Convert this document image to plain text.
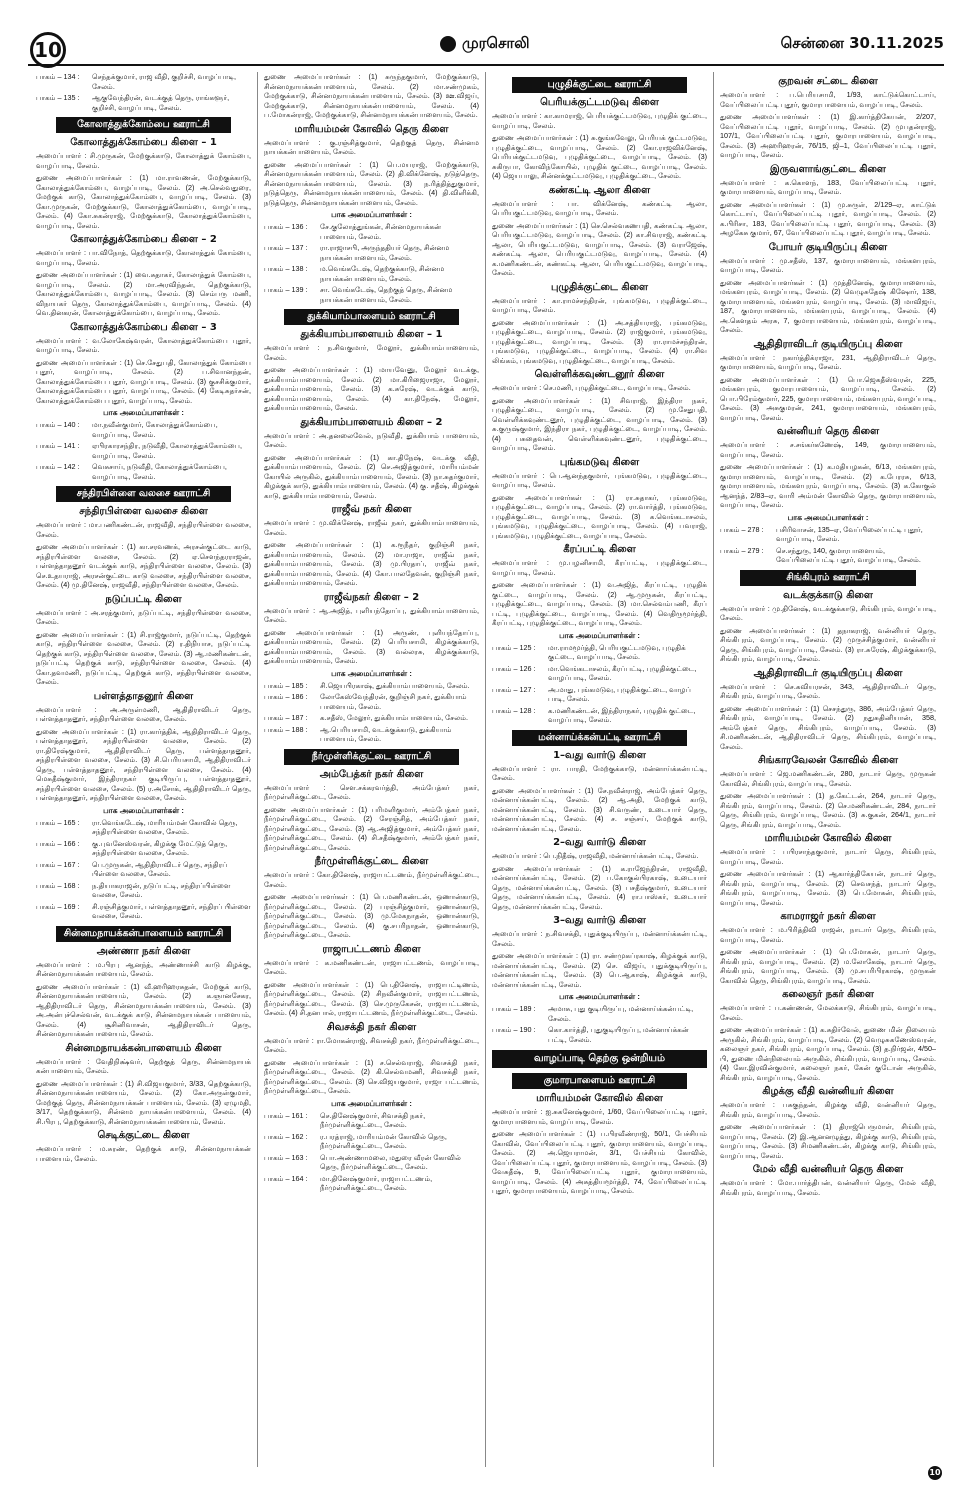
10	முரசொலி	சென்னை 30.11.2025
பாகம் – 134 :	செந்தக்குமார், ராஜ வீதி, குறிச்சி, வாழப்பாடி, சேலம்.
பாகம் – 135 :	ஆகுவேந்திரன், வடக்குத் தெரு, ராங்களூர், குறிச்சி, வாழப்பாடி, சேலம்.
கோலாத்துக்கோம்பை ஊராட்சி
கோலாத்துக்கோம்பை கிளை – 1

அமைப்பாளர் : சி.முருகன், மேற்குக்காடு, கோலாத்துக் கோம்பை, வாழப்பாடி, சேலம்.

துணை அமைப்பாளர்கள் : (1) மா.ராவணன், மேற்குக்காடு, கோலாத்துக்கோம்பை, வாழப்பாடி, சேலம். (2) அ.செல்வதுரை, மேற்குக் காடு, கோலாத்துக்கோம்பை, வாழப்பாடி, சேலம். (3) கோ.முருகன், மேற்குக்காடு, கோலாத்துக்கோம்பை, வாழப்பாடி, சேலம். (4) கோ.சுகன்ராஜ், மேற்குக்காடு, கோலாத்துக்கோம்பை, வாழப்பாடி, சேலம்.

கோலாத்துக்கோம்பை கிளை – 2

அமைப்பாளர் : பா.விநோத், தெற்குக்காடு, கோலாத்துக் கோம்பை, வாழப்பாடி, சேலம்.

துணை அமைப்பாளர்கள் : (1) வை.சுதாகர், கோலாத்துக் கோம்பை, வாழப்பாடி, சேலம். (2) மா.அரவிந்தன், தெற்குக்காடு, கோலாத்துக்கோம்பை, வாழப்பாடி, சேலம். (3) செம்பரு மணி, விநாயகர் தெரு, கோலாத்துக்கோம்பை, வாழப்பாடி, சேலம். (4) வெ.தினகரன், கோலாத்துக்கோம்பை, வாழப்பாடி, சேலம்.

கோலாத்துக்கோம்பை கிளை – 3

அமைப்பாளர் : வ.லோகேஷ்வரன், கோலாத்துக்கோம்பை புதூர், வாழப்பாடி, சேலம்.

துணை அமைப்பாளர்கள் : (1) செ.சேதுபதி, கோலாத்துக் கோம்பை புதூர், வாழப்பாடி, சேலம். (2) ப.சிவானந்தன், கோலாத்துக்கோம்பை புதூர், வாழப்பாடி, சேலம். (3) குசசிக்குமார், கோலாத்துக்கோம்பை புதூர், வாழப்பாடி, சேலம். (4) கேடிசுதர்சன், கோலாத்துக்கோம்பை புதூர், வாழப்பாடி, சேலம்.

பாக அமைப்பாளர்கள் :
பாகம் – 140 :	மா.நவீன்குமார், கோலாத்துக்கோம்பை, வாழப்பாடி, சேலம்.
பாகம் – 141 :	ஏபிரகாரசந்திர, நடுவீதி, கோலாத்துக்கோம்பை, வாழப்பாடி, சேலம்.
பாகம் – 142 :	வெசுசாய், நடுவீதி, கோலாத்துக்கோம்பை, வாழப்பாடி, சேலம்.
சந்திரபிள்ளை வலசை ஊராட்சி
சந்திரபிள்ளை வலசை கிளை

அமைப்பாளர் : மா.பணிகண்டன், ராஜவீதி, சந்திரபிள்ளை வலசை, சேலம்.

துணை அமைப்பாளர்கள் : (1) கா.சரவணக், அரசன்குட்டை காடு, சந்திரபிள்ளை வலசை, சேலம். (2) ஏ.சௌந்தரராஜன், பள்ளத்தாதனூர் வடக்குக் காடு, சந்திரபிள்ளை வலசை, சேலம். (3) செ.உதயராஜ், அரசன்குட்டை காடு வலசை, சந்திரபிள்ளை வலசை, சேலம். (4) மு.தினேஷ், ராஜவீதி, சந்திரபிள்ளை வலசை, சேலம்.

நடுப்பட்டி கிளை

அமைப்பாளர் : அ.சரத்குமார், நடுப்பட்டி, சந்திரபிள்ளை வலசை, சேலம்.

துணை அமைப்பாளர்கள் : (1) சி.ராஜ்குமார், நடுப்பட்டி, தெற்குக் காடு, சந்திரபிள்ளை வலசை, சேலம். (2) ர.திநியாச, நடுப்பட்டி தெற்குக் காடு, சந்திரபிள்ளை வலசை, சேலம். (3) ஆ.மணிகண்டன், நடுப்பட்டி தெற்குக் காடு, சந்திரபிள்ளை வலசை, சேலம். (4) கோ.தவமணி, நடுப்பட்டி, தெற்குக் காடு, சந்திரபிள்ளை வலசை, சேலம்.

பள்ளத்தாதனூர் கிளை

அமைப்பாளர் : அ.அருள்மணி, ஆதிதிராவிடர் தெரு, பள்ளத்தாதனூர், சந்திரபிள்ளை வலசை, சேலம்.

துணை அமைப்பாளர்கள் : (1) ரா.கார்த்திக், ஆதிதிராவிடர் தெரு, பள்ளத்தாதனூர், சந்திரபிள்ளை வலசை, சேலம். (2) ரா.திரேஷ்குமார், ஆதிதிராவிடர் தெரு, பள்ளத்தாதனூர், சந்திரபிள்ளை வலசை, சேலம். (3) சி.பெரியசாமி, ஆதிதிராவிடர் தெரு, பள்ளத்தாதனூர், சந்திரபிள்ளை வலசை, சேலம். (4) மெசுதீஷ்குமார், இந்திராநகர் குடியிருப்பு, பள்ளத்தாதனூர், சந்திரபிள்ளை வலசை, சேலம். (5) ர.அசோக், ஆதிதிராவிடர் தெரு, பள்ளத்தாதனூர், சந்திரபிள்ளை வலசை, சேலம்.

பாக அமைப்பாளர்கள் :
பாகம் – 165 :	ரா.வெங்கடேஷ், மாரியம்மன் கோவில் தெரு, சந்திரபிள்ளை வலசை, சேலம்.
பாகம் – 166 :	கு.புவனேஸ்வரன், கிழக்கு மேட்டுத் தெரு, சந்திரபிள்ளை வலசை, சேலம்.
பாகம் – 167 :	பெ.முருகன், ஆதிதிராவிடர் தெரு, சந்திரப் பிள்ளை வலசை, சேலம்.
பாகம் – 168 :	ந.தியாகராஜன், நடுப்பட்டி, சந்திரப்பிள்ளை வலசை, சேலம்.
பாகம் – 169 :	சி.ரஞ்சித்குமார், பள்ளத்தாதனூர், சந்திரப் பிள்ளை வலசை, சேலம்.
சின்னமநாயக்கன்பாளையம் ஊராட்சி
அண்ணா நகர் கிளை

அமைப்பாளர் : ம.பிரபு ஆனந்த், அண்ணாச்சி காடு கிழக்கு, சின்னமநாயக்கன்பாளையம், சேலம்.

துணை அமைப்பாளர்கள் : (1) வீ.ஹரிஹரசுதன், மேற்குக் காடு, சின்னமநாயக்கன்பாளையம், சேலம். (2) க.ஞானசேகர, ஆதிதிராவிடர் தெரு, சின்னமநாயக்கன்பாளையம், சேலம். (3) அ.அன்புச்செல்வன், வடக்குக் காடு, சின்னமநாயக்கன் பாளையம், சேலம். (4) சூசினிவாசன், ஆதிதிராவிடர் தெரு, சின்னமநாயக்கன்பாளையம், சேலம்.

சின்னமநாயக்கன்பாளையம் கிளை

அமைப்பாளர் : வேதிநிக்ஷ்வர், தெற்குத் தெரு, சின்னமநாயக் கன்பாளையம், சேலம்.

துணை அமைப்பாளர்கள் : (1) சி.விஜயகுமார், 3/33, தெற்குக்காடு, சின்னமநாயக்கன்பாளையம், சேலம். (2) கோ.அருள்குமார், மேற்குத் தெரு, சின்னமநாயக்கன் பாளையம், சேலம். (3) ஏழுமதி, 3/17, தெற்குக்காடு, சின்னம நாயக்கன்பாளையம், சேலம். (4) சி.பிரபு, தெற்குக்காடு, சின்னமநாயக்கன்பாளையம், சேலம்.

செடிக்குட்டை கிளை

அமைப்பாளர் : ம.சுரண், தெற்குக் காடு, சின்னமநாயக்கன் பாளையம், சேலம்.

துணை அமைப்பாளர்கள் : (1) சுருந்தகுமார், மேற்குக்காடு, சின்னமநாயக்கன்பாளையம், சேலம். (2) மா.சண்முகம், மேற்குக்காடு, சின்னமநாயக்கன்பாளையம், சேலம். (3) ஊ.விஜய், மேற்குக்காடு, சின்னமநாயக்கன்பாளையம், சேலம். (4) ப.மோகன்ராஜ், மேற்குக்காடு, சின்னமநாயக்கன்பாளையம், சேலம்.

மாரியம்மன் கோவில் தெரு கிளை

அமைப்பாளர் : கு.ரஞ்சித்குமார், தெற்குத் தெரு, சின்னம நாயக்கன்பாளையம், சேலம்.

துணை அமைப்பாளர்கள் : (1) பெ.மயராஜ், மேற்குக்காடு, சின்னமநாயக்கன்பாளையம், சேலம். (2) தி.விக்னேஷ், நடுத்தெரு, சின்னமநாயக்கன்பாளையம், சேலம். (3) ந.ரித்தித்துகுமார், நடுத்தெரு, சின்னமநாயக்கன்பாளையம், சேலம். (4) தி.விளிக்கி, நடுத்தெரு, சின்னமநாயக்கன்பாளையம், சேலம்.

பாக அமைப்பாளர்கள் :
பாகம் – 136 :	சே.குலோத்துங்கன், சின்னமநாயக்கன் பாளையம், சேலம்.
பாகம் – 137 :	ரா.ராஜாசபி, அருந்ததியர் தெரு, சின்னம நாயக்கன்பாளையம், சேலம்.
பாகம் – 138 :	ம.வெங்கடேஷ், தெற்குக்காடு, சின்னம நாயக்கன்பாளையம், சேலம்.
பாகம் – 139 :	சா. வெங்கடேஷ், தெற்குத் தெரு, சின்னம நாயக்கன்பாளையம், சேலம்.
துக்கியாம்பாளையம் ஊராட்சி
துக்கியாம்பாளையம் கிளை – 1

அமைப்பாளர் : ந.சிவகுமார், மேலூர், துக்கியாம்பாளையம், சேலம்.

துணை அமைப்பாளர்கள் : (1) மாயவேனு, மேலூர் வடக்கு, துக்கியாம்பாளையம், சேலம். (2) மா.கிரிஜைராஜா, மேலூர், துக்கியாம்பாளையம், சேலம். (3) க.சுரேஷ், வடக்குக் காடு, துக்கியாம்பாளையம், சேலம். (4) கா.திநேஷ், மேலூர், துக்கியாம்பாளையம், சேலம்.

துக்கியாம்பாளையம் கிளை – 2

அமைப்பாளர் : அ.தனலைவேல், நடுவீதி, துக்கியாம் பாளையம், சேலம்.

துணை அமைப்பாளர்கள் : (1) கா.திநேஷ், வடக்கு வீதி, துக்கியாம்பாளையம், சேலம். (2) செ.அஜித்குமார், மாரியம்மன் கோயில் அருகில், துக்கியாம்பாளையம், சேலம். (3) நா.சுதர்குமார், கிழக்குக் காடு, துக்கியாம்பாளையம், சேலம். (4) கு. சதீஷ், கிழக்குக் காடு, துக்கியாம்பாளையம், சேலம்.

ராஜீவ் நகர் கிளை

அமைப்பாளர் : மு.விக்னேஷ், ராஜீவ் நகர், துக்கியாம்பாளையம், சேலம்.

துணை அமைப்பாளர்கள் : (1) க.ரூநீதர், குறிஞ்சி நகர், துக்கியாம்பாளையம், சேலம். (2) மா.ராஜா, ராஜீவ் நகர், துக்கியாம்பாளையம், சேலம். (3) மு.பிரதாப், ராஜீவ் நகர், துக்கியாம்பாளையம், சேலம். (4) கோ.பாலதேவன், குறிஞ்சி நகர், துக்கியாம்பாளையம், சேலம்.

ராஜீவ்நகர் கிளை – 2

அமைப்பாளர் : ஆ.அஜித், புளியந்தோப்பு, துக்கியாம்பாளையம், சேலம்.

துணை அமைப்பாளர்கள் : (1) அருண், புளியந்தோப்பு, துக்கியாம்பாளையம், சேலம். (2) பெரியசாமி, கிழக்குக்காடு, துக்கியாம்பாளையம், சேலம். (3) வல்லரசு, கிழக்குக்காடு, துக்கியாம்பாளையம், சேலம்.

பாக அமைப்பாளர்கள் :
பாகம் – 185 :	சி.ஜெயபிரகாஷ், துக்கியாம்பாளையம், சேலம்.
பாகம் – 186 :	லோகேஸ்வேந்திரன், குறிஞ்சி நகர், துக்கியாம் பாளையம், சேலம்.
பாகம் – 187 :	க.சதீஸ், மேலூர், துக்கியாம்பாளையம், சேலம்.
பாகம் – 188 :	ஆ.பெரியசாமி, வடக்குக்காடு, துக்கியாம் பாளையம், சேலம்.
நீர்முள்ளிக்குட்டை ஊராட்சி
அம்பேத்கர் நகர் கிளை

அமைப்பாளர் : செள.சக்கரவர்த்தி, அம்பேத்கர் நகர், நீர்முள்ளிக்குட்டை, சேலம்.

துணை அமைப்பாளர்கள் : (1) பரிமளிகுமார், அம்பேத்கர் நகர், நீர்முள்ளிக்குட்டை, சேலம். (2) சேரஞ்சித், அம்பேத்கர் நகர், நீர்முள்ளிக்குட்டை, சேலம். (3) ஆ.அஜித்குமார், அம்பேத்கர் நகர், நீர்முள்ளிக்குட்டை, சேலம். (4) சி.சதீஷ்குமார், அம்பேத்கர் நகர், நீர்முள்ளிக்குட்டை, சேலம்.

நீர்முள்ளிக்குட்டை கிளை

அமைப்பாளர் : கோ.தினேஷ், ராஜாபட்டணம், நீர்முள்ளிக்குட்டை, சேலம்.

துணை அமைப்பாளர்கள் : (1) பெ.மணிகண்டன், ஒணான்காடு, நீர்முள்ளிக்குட்டை, சேலம். (2) பரஞ்சித்குமார், ஒணான்காடு, நீர்முள்ளிக்குட்டை, சேலம். (3) மு.மேகநாதன், ஒணான்காடு, நீர்முள்ளிக்குட்டை, சேலம். (4) கு.சபரிநாதன், ஒணான்காடு, நீர்முள்ளிக்குட்டை, சேலம்.

ராஜாபட்டணம் கிளை

அமைப்பாளர் : க.மணிகண்டன், ராஜாபட்டணம், வாழப்பாடி, சேலம்.

துணை அமைப்பாளர்கள் : (1) பெ.தினேஷ், ராஜாபட்டிணம், நீர்முள்ளிக்குட்டை, சேலம். (2) சிநவீன்குமார், ராஜாபட்டணம், நீர்முள்ளிக்குட்டை, சேலம். (3) செ.முருகேசன், ராஜாபட்டணம், சேலம். (4) சி.தனபால், ராஜாபட்டணம், நீர்முள்ளிக்குட்டை, சேலம்.

சிவசக்தி நகர் கிளை

அமைப்பாளர் : ரா.மோகன்ராஜ், சிவசக்தி நகர், நீர்முள்ளிக்குட்டை, சேலம்.

துணை அமைப்பாளர்கள் : (1) ச.செல்வராஜ், சிவசக்தி நகர், நீர்முள்ளிக்குட்டை, சேலம். (2) கி.செல்வமணி, சிவசக்தி நகர், நீர்முள்ளிக்குட்டை, சேலம். (3) செ.விஜயகுமார், ராஜா பட்டணம், நீர்முள்ளிக்குட்டை, சேலம்.

பாக அமைப்பாளர்கள் :
பாகம் – 161 :	செ.தினேஷ்குமார், சிவசக்தி நகர், நீர்முள்ளிக்குட்டை, சேலம்.
பாகம் – 162 :	ர.பரத்ராஜ், மாரியம்மன் கோவில் தெரு, நீர்முள்ளிக்குட்டை, சேலம்.
பாகம் – 163 :	பொ.அண்ணாமலை, மதுரை வீரன் கோவில் தெரு, நீர்முள்ளிக்குட்டை, சேலம்.
பாகம் – 164 :	மா.தினேஷ்குமார், ராஜாபட்டணம், நீர்முள்ளிக்குட்டை, சேலம்.
புழுதிக்குட்டை ஊராட்சி
பெரியக்குட்டமடுவு கிளை

அமைப்பாளர் : கா.காமராஜ், பெரியக்குட்டமடுவு, புழுதிக் குட்டை, வாழப்பாடி, சேலம்.

துணை அமைப்பாளர்கள் : (1) சு.குங்கவேலு, பெரியக் குட்டமடுவு, புழுதிக்குட்டை, வாழப்பாடி, சேலம். (2) கோ.ராஜவிக்னேஷ், பெரியக்குட்டமடுவு, புழுதிக்குட்டை, வாழப்பாடி, சேலம். (3) சுகிருபா, கோவிந்கோயில், புழுதிக் குட்டை, வாழப்பாடி, சேலம். (4) ஜெயபாலு, சின்னக்குட்டமடுவு, புழுதிக்குட்டை, சேலம்.

கண்கட்டி ஆலா கிளை

அமைப்பாளர் : பா. விக்னேஷ், கண்கட்டி ஆலா, பெரியகுட்டமடுவு, வாழப்பாடி, சேலம்.

துணை அமைப்பாளர்கள் : (1) செ.செல்வகணபதி, கண்கட்டி ஆலா, பெரியகுட்டமடுவு, வாழப்பாடி, சேலம். (2) கா.சிவராஜ், கண்கட்டி ஆலா, பெரியகுட்டமடுவு, வாழப்பாடி, சேலம். (3) வராஜேஷ், கண்கட்டி ஆலா, பெரியகுட்டமடுவு, வாழப்பாடி, சேலம். (4) க.மணிகண்டன், கண்கட்டி ஆலா, பெரியகுட்டமடுவு, வாழப்பாடி, சேலம்.

புழுதிக்குட்டை கிளை

அமைப்பாளர் : கா.ராமச்சந்திரன், புங்கமடுவு, புழுதிக்குட்டை, வாழப்பாடி, சேலம்.

துணை அமைப்பாளர்கள் : (1) அ.சத்தியராஜ், புங்கமடுவு, புழுதிக்குட்டை, வாழப்பாடி, சேலம். (2) ராஜ்குமார், புங்கமடுவு, புழுதிக்குட்டை, வாழப்பாடி, சேலம். (3) ரா.ராமச்சந்திரன், புங்கமடுவு, புழுதிக்குட்டை, வாழப்பாடி, சேலம். (4) ரா.சிவ லிங்கம், புங்கமடுவு, புழுதிக்குட்டை, வாழப்பாடி, சேலம்.

வெள்ளிக்கவுண்டனூர் கிளை

அமைப்பாளர் : செ.மணி, புழுதிக்குட்டை, வாழப்பாடி, சேலம்.

துணை அமைப்பாளர்கள் : (1) சிவராஜ், இந்திரா நகர், புழுதிக்குட்டை, வாழப்பாடி, சேலம். (2) மு.சேதுபதி, வெள்ளிக்கவுண்டனூர், புழுதிக்குட்டை, வாழப்பாடி, சேலம். (3) சு.குருஷ்குமார், இந்திரா நகர், புழுதிக்குட்டை, வாழப்பாடி, சேலம். (4) பசுதைவன், வெள்ளிக்கவுண்டனூர், புழுதிக்குட்டை, வாழப்பாடி, சேலம்.

புங்கமடுவு கிளை

அமைப்பாளர் : பெ.ஆனந்தகுமார், புங்கமடுவு, புழுதிக்குட்டை, வாழப்பாடி, சேலம்.

துணை அமைப்பாளர்கள் : (1) ரா.சுதாகர், புங்கமடுவு, புழுதிக்குட்டை, வாழப்பாடி, சேலம். (2) ரா.வார்த்தி, புங்கமடுவு, புழுதிக்குட்டை, வாழப்பாடி, சேலம். (3) க.வெங்கடாசலம், புங்கமடுவு, புழுதிக்குட்டை, வாழப்பாடி, சேலம். (4) பவராஜ், புங்கமடுவு, புழுதிக்குட்டை, வாழப்பாடி, சேலம்.

கீரப்பட்டி கிளை

அமைப்பாளர் : மு.பழனிசாமி, கீரப்பட்டி, புழுதிக்குட்டை, வாழப்பாடி, சேலம்.

துணை அமைப்பாளர்கள் : (1) வ.அஜித், கீரப்பட்டி, புழுதிக் குட்டை, வாழப்பாடி, சேலம். (2) ஆ.முருகன், கீரப்பட்டி, புழுதிக்குட்டை, வாழப்பாடி, சேலம். (3) மா.செல்வம்பணி, கீரப் பட்டி, புழுதிக்குட்டை, வாழப்பாடி, சேலம். (4) வெதிருமூர்த்தி, கீரப்பட்டி, புழுதிக்குட்டை, வாழப்பாடி, சேலம்.

பாக அமைப்பாளர்கள் :
பாகம் – 125 :	மா.ராமமூர்த்தி, பெரியகுட்டமடுவு, புழுதிக் குட்டை, வாழப்பாடி, சேலம்.
பாகம் – 126 :	மா.வெங்கடாசலம், கீரப்பட்டி, புழுதிக்குட்டை, வாழப்பாடி, சேலம்.
பாகம் – 127 :	அ.மாது, புங்கமடுவு, புழுதிக்குட்டை, வாழப் பாடி, சேலம்.
பாகம் – 128 :	க.மணிகண்டன், இந்திராநகர், புழுதிக் குட்டை, வாழப்பாடி, சேலம்.
மன்னாய்க்கன்பட்டி ஊராட்சி
1–வது வார்டு கிளை

அமைப்பாளர் : ரா. பாரதி, மேற்குக்காடு, மன்னாய்க்கன்பட்டி, சேலம்.

துணை அமைப்பாளர்கள் : (1) சே.நவீன்ராஜ், அம்பேத்கர் தெரு, மன்னாய்க்கன்பட்டி, சேலம். (2) ஆ.அதி, மேற்குக் காடு, மன்னாய்க்கன்பட்டி, சேலம். (3) சி.வருண், உடையார் தெரு, மன்னாய்க்கன்பட்டி, சேலம். (4) ச. சஞ்சய், மேற்குக் காடு, மன்னாய்க்கன்பட்டி, சேலம்.

2–வது வார்டு கிளை

அமைப்பாளர் : பெ.நிதீஷ், ராஜவீதி, மன்னாய்க்கன்பட்டி, சேலம்.

துணை அமைப்பாளர்கள் : (1) க.ராஜேந்திரன், ராஜவீதி, மன்னாய்க்கன்பட்டி, சேலம். (2) ப.கோகுல்பிரகாஷ், உடையார் தெரு, மன்னாய்க்கன்பட்டி, சேலம். (3) பசதீஷ்குமார், உடையார் தெரு, மன்னாய்க்கன்பட்டி, சேலம். (4) ரா.பாஸ்கர், உடையார் தெரு, மன்னாய்க்கன்பட்டி, சேலம்.

3–வது வார்டு கிளை

அமைப்பாளர் : ந.சிவசக்தி, புதுக்குடியிருப்பு, மன்னாய்க்கன்பட்டி, சேலம்.

துணை அமைப்பாளர்கள் : (1) ரா. சண்முகப்ரகாஷ், கிழக்குக் காடு, மன்னாய்க்கன்பட்டி, சேலம். (2) செ. விஜய், புதுக்குடியிருப்பு, மன்னாய்க்கன்பட்டி, சேலம். (3) பெ.ஆகாஷ், கிழக்குக் காடு, மன்னாய்க்கன்பட்டி, சேலம்.

பாக அமைப்பாளர்கள் :
பாகம் – 189 :	அமாசு, புது குடியிருப்பு, மன்னாய்க்கன்பட்டி, சேலம்.
பாகம் – 190 :	கொ.கார்த்தி, புதுகுடியிருப்பு, மன்னாய்க்கன் பட்டி, சேலம்.
வாழப்பாடி தெற்கு ஒன்றியம்
குமாரபாளையம் ஊராட்சி
மாரியம்மன் கோவில் கிளை

அமைப்பாளர் : ஐ.சுகனேஷ்குமார், 1/60, வேப்பிலைப்பட்டி புதூர், குமாரபாளையம், வாழப்பாடி, சேலம்.

துணை அமைப்பாளர்கள் : (1) ப.பிரவீண்ராஜ், 50/1, பேச்சியம் கோவில், வேப்பிலைப்பட்டி புதூர், குமாரபாளையம், வாழப்பாடி, சேலம். (2) அ.ஜெயராமன், 3/1, பேச்சியம் கோவில், வேப்பிலைப்பட்டி புதூர், குமாரபாளையம், வாழப்பாடி, சேலம். (3) வேசுதீஷ், 9, வேப்பிலைப்பட்டி புதூர், குமாரபாளையம், வாழப்பாடி, சேலம். (4) அசுத்தியமூர்த்தி, 74, வேப்பிலைப்பட்டி புதூர், குமாரபாளையம், வாழப்பாடி, சேலம்.

குறவன் சட்டை கிளை

அமைப்பாளர் : ப.பெரியசாமி, 1/93, காட்டுக்கொட்டாய், வேப்பிலைப்பட்டி புதூர், குமாரபாளையம், வாழப்பாடி, சேலம்.

துணை அமைப்பாளர்கள் : (1) இ.கார்த்திகேயன், 2/207, வேப்பிலைப்பட்டி புதூர், வாழப்பாடி, சேலம். (2) முபதன்ராஜ், 107/1, வேப்பிலைப்பட்டி புதூர், குமாரபாளையம், வாழப்பாடி, சேலம். (3) அஹரிஹரன், 76/15, ஜி–1, வேப்பிலைப்பட்டி புதூர், வாழப்பாடி, சேலம்.

இருவளாங்குட்டை கிளை

அமைப்பாளர் : க.கொளந், 183, வேப்பிலைப்பட்டி புதூர், குமாரபாளையம், வாழப்பாடி, சேலம்.

துணை அமைப்பாளர்கள் : (1) மு.சுருள், 2/129–ஏ, காட்டுக் கொட்டாய், வேப்பிலைப்பட்டி புதூர், வாழப்பாடி, சேலம். (2) க.பிரிசா, 183, வேப்பிலைப்பட்டி புதூர், வாழப்பாடி, சேலம். (3) அழகேசு குமார், 67, வேப்பிலைப்பட்டி புதூர், வாழப்பாடி, சேலம்.

போயர் குடியிருப்பு கிளை

அமைப்பாளர் : மு.சதீஸ், 137, குமாரபாளையம், மங்களபுரம், வாழப்பாடி, சேலம்.

துணை அமைப்பாளர்கள் : (1) முத்தினேஷ், குமாரபாளையம், மங்களபுரம், வாழப்பாடி, சேலம். (2) வெழுசுதேஷ் கிஷோர், 138, குமாரபாளையம், மங்களபுரம், வாழப்பாடி, சேலம். (3) மாவிஜய், 187, குமாரபாளையம், மங்களபுரம், வாழப்பாடி, சேலம். (4) அ.கௌதம் அரசு, 7, குமாரபாளையம், மங்களபுரம், வாழப்பாடி, சேலம்.

ஆதிதிராவிடர் குடியிருப்பு கிளை

அமைப்பாளர் : நகார்த்திக்ராஜா, 231, ஆதிதிராவிடர் தெரு, குமாரபாளையம், வாழப்பாடி, சேலம்.

துணை அமைப்பாளர்கள் : (1) பொ.ஜெகதீஸ்வரன், 225, மங்களபுரம், குமாரபாளையம், வாழப்பாடி, சேலம். (2) பொ.பிரேம்குமார், 225, குமாரபாளையம், மங்களபுரம், வாழப்பாடி, சேலம். (3) அசுகுமரன், 241, குமாரபாளையம், மங்களபுரம், வாழப்பாடி, சேலம்.

வன்னியர் தெரு கிளை

அமைப்பாளர் : ச.சங்கர்கணேஷ், 149, குமாரபாளையம், வாழப்பாடி, சேலம்.

துணை அமைப்பாளர்கள் : (1) க.மதியழகன், 6/13, மங்களபுரம், குமாரபாளையம், வாழப்பாடி, சேலம். (2) க.பேரரசு, 6/13, குமாரபாளையம், மங்களபுரம், வாழப்பாடி, சேலம். (3) க.கோகுல் ஆனந்த், 2/83–ஏ, வாரி அம்மன் கோவில் தெரு, குமாரபாளையம், வாழப்பாடி, சேலம்.

பாக அமைப்பாளர்கள் :
பாகம் – 278 :	பசிரிவாசன், 135–ஏ, வேப்பிலைப்பட்டி புதூர், வாழப்பாடி, சேலம்.
பாகம் – 279 :	செ.சந்துரு, 140, குமாரபாளையம், வேப்பிலைப்பட்டி புதூர், வாழப்பாடி, சேலம்.
சிங்கிபுரம் ஊராட்சி
வடக்குக்காடு கிளை

அமைப்பாளர் : மு.தினேஷ், வடக்குக்காடு, சிங்கிபுரம், வாழப்பாடி, சேலம்.

துணை அமைப்பாளர்கள் : (1) தநாகராஜ், வன்னியர் தெரு, சிங்கிபுரம், வாழப்பாடி, சேலம். (2) முருச்சித்குமார், வன்னியர் தெரு, சிங்கிபுரம், வாழப்பாடி, சேலம். (3) ரா.சுரேஷ், கிழக்குக்காடு, சிங்கிபுரம், வாழப்பாடி, சேலம்.

ஆதிதிராவிடர் குடியிருப்பு கிளை

அமைப்பாளர் : செ.கவியரசன், 343, ஆதிதிராவிடர் தெரு, சிங்கிபுரம், வாழப்பாடி, சேலம்.

துணை அமைப்பாளர்கள் : (1) செசந்துரு, 386, அம்பேத்கர் தெரு, சிங்கிபுரம், வாழப்பாடி, சேலம். (2) நதுசுதினியான், 358, அம்பேத்கர் தெரு, சிங்கிபுரம், வாழப்பாடி, சேலம். (3) சி.மணிகண்டன், ஆதிதிராவிடர் தெரு, சிங்கிபுரம், வாழப்பாடி, சேலம்.

சிங்காரவேலன் கோவில் கிளை

அமைப்பாளர் : ஜெ.மணிகண்டன், 280, நாடார் தெரு, முருகன் கோவில், சிங்கிபுரம், வாழப்பாடி, சேலம்.

துணை அமைப்பாளர்கள் : (1) த.கேட்டன், 264, நாடார் தெரு, சிங்கிபுரம், வாழப்பாடி, சேலம். (2) செ.மணிகண்டன், 284, நாடார் தெரு, சிங்கிபுரம், வாழப்பாடி, சேலம். (3) சு.குகன், 264/1, நாடார் தெரு, சிங்கிபுரம், வாழப்பாடி, சேலம்.

மாரியம்மன் கோவில் கிளை

அமைப்பாளர் : பபிரசாந்தகுமார், நாடார் தெரு, சிங்கிபுரம், வாழப்பாடி, சேலம்.

துணை அமைப்பாளர்கள் : (1) ஆகார்த்திகேயன், நாடார் தெரு, சிங்கிபுரம், வாழப்பாடி, சேலம். (2) செவசந்த், நாடார் தெரு, சிங்கிபுரம், வாழப்பாடி, சேலம். (3) பெ.மோகன், சிங்கிபுரம், வாழப்பாடி, சேலம்.

காமராஜர் நகர் கிளை

அமைப்பாளர் : ம.பிரித்திவி ராஜன், நாடார் தெரு, சிங்கிபுரம், வாழப்பாடி, சேலம்.

துணை அமைப்பாளர்கள் : (1) பெ.மோகன், நாடார் தெரு, சிங்கிபுரம், வாழப்பாடி, சேலம். (2) ம.லோகேஷ், நாடார் தெரு, சிங்கிபுரம், வாழப்பாடி, சேலம். (3) மு.சபரிபிரகாஷ், முருகன் கோவில் தெரு, சிங்கிபுரம், வாழப்பாடி, சேலம்.

கலைஞர் நகர் கிளை

அமைப்பாளர் : ப.கண்ணன், மேலக்காடு, சிங்கிபுரம், வாழப்பாடி, சேலம்.

துணை அமைப்பாளர்கள் : (1) க.சுதிர்வேல், துணை மின் நிலையம் அருகில், சிங்கிபுரம், வாழப்பாடி, சேலம். (2) வெழுசுகணேஸ்வரன், கலைஞர் நகர், சிங்கிபுரம், வாழப்பாடி, சேலம். (3) த.நிர்ஜன், 4/50–பி, துணை மின்நிலையம் அருகில், சிங்கிபுரம், வாழப்பாடி, சேலம். (4) கோ.இரவின்குமார், கலைஞர் நகர், கேன் குடோன் அருகில், சிங்கிபுரம், வாழப்பாடி, சேலம்.

கிழக்கு வீதி வன்னியர் கிளை

அமைப்பாளர் : பசுகுந்தன், கிழக்கு வீதி, வன்னியர் தெரு, சிங்கிபுரம், வாழப்பாடி, சேலம்.

துணை அமைப்பாளர்கள் : (1) திராஜ்பெருமாள், சிங்கிபுரம், வாழப்பாடி, சேலம். (2) இ.ஆனனழுத்து, கிழக்கு காடு, சிங்கிபுரம், வாழப்பாடி, சேலம். (3) சிமணிகண்டன், கிழக்கு காடு, சிங்கிபுரம், வாழப்பாடி, சேலம்.

மேல் வீதி வன்னியர் தெரு கிளை

அமைப்பாளர் : மோ.பார்த்திபன், வன்னியர் தெரு, மேல் வீதி, சிங்கிபுரம், வாழப்பாடி, சேலம்.

10
